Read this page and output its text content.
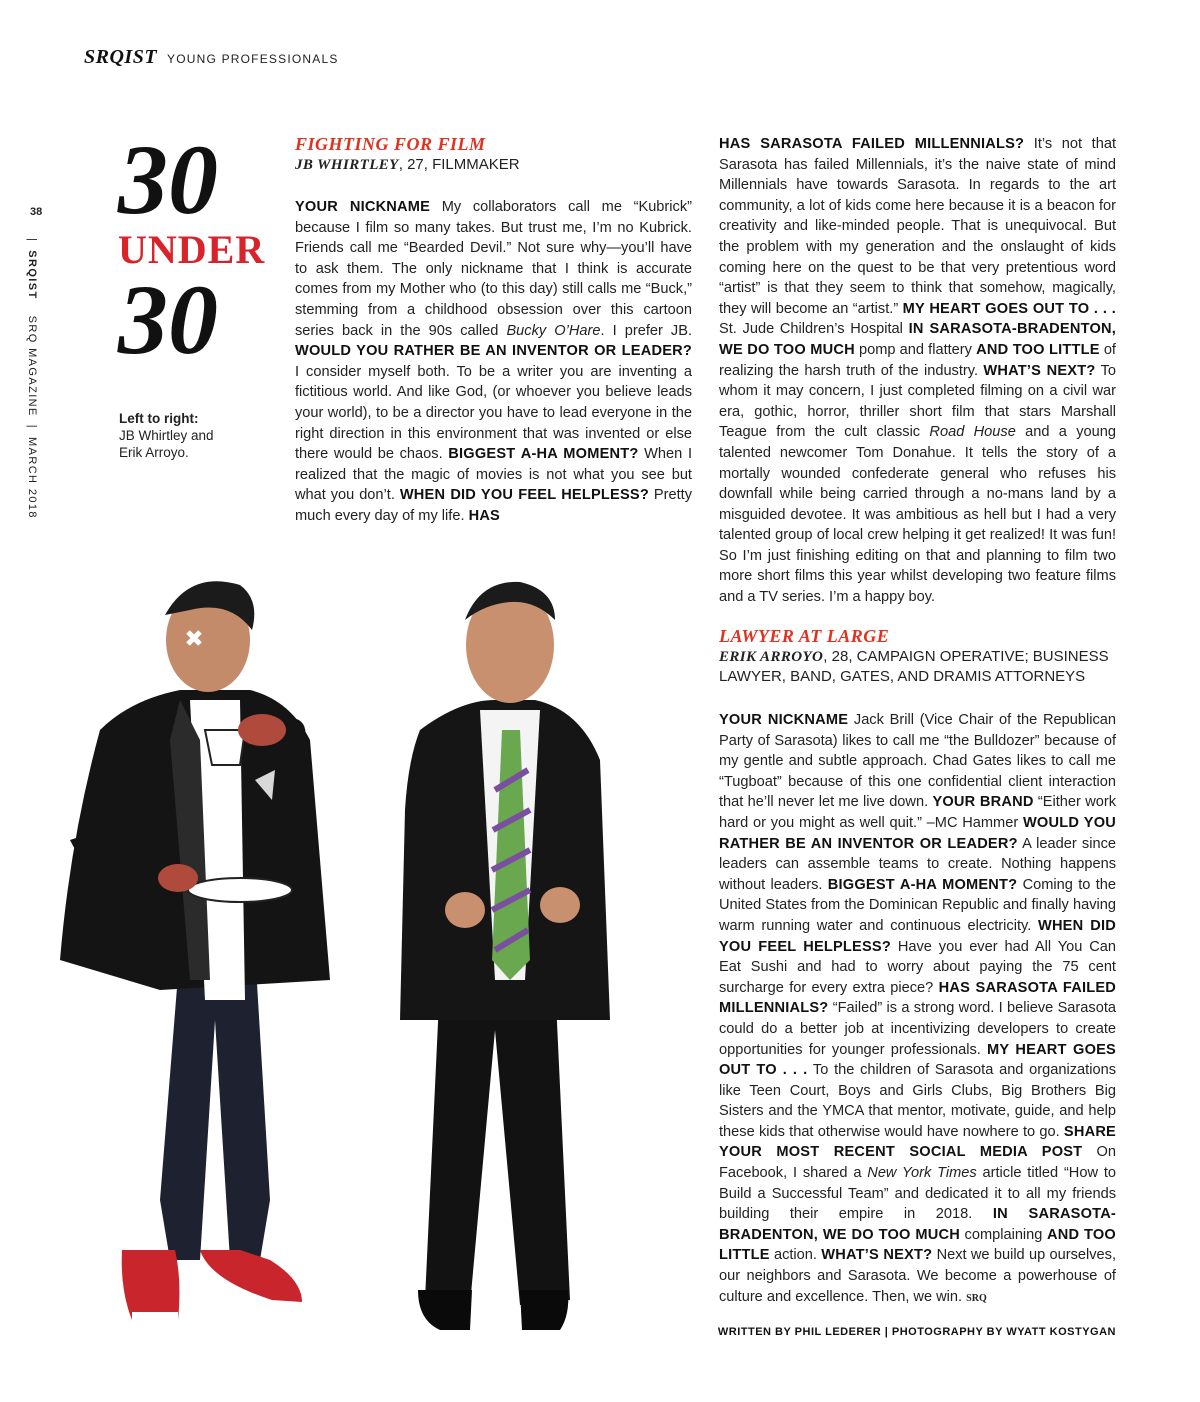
SRQIST YOUNG PROFESSIONALS
38
|SRQISTSRQ MAGAZINE|MARCH 2018
30
UNDER
30
Left to right:
JB Whirtley and
Erik Arroyo.
FIGHTING FOR FILM
JB WHIRTLEY, 27, FILMMAKER

YOUR NICKNAME My collaborators call me “Kubrick” because I film so many takes. But trust me, I’m no Kubrick. Friends call me “Bearded Devil.” Not sure why—you’ll have to ask them. The only nickname that I think is accurate comes from my Mother who (to this day) still calls me “Buck,” stemming from a childhood obsession over this cartoon series back in the 90s called Bucky O’Hare. I prefer JB. WOULD YOU RATHER BE AN INVENTOR OR LEADER? I consider myself both. To be a writer you are inventing a fictitious world. And like God, (or whoever you believe leads your world), to be a director you have to lead everyone in the right direction in this environment that was invented or else there would be chaos. BIGGEST A-HA MOMENT? When I realized that the magic of movies is not what you see but what you don’t. WHEN DID YOU FEEL HELPLESS? Pretty much every day of my life. HAS

HAS SARASOTA FAILED MILLENNIALS? It’s not that Sarasota has failed Millennials, it’s the naive state of mind Millennials have towards Sarasota. In regards to the art community, a lot of kids come here because it is a beacon for creativity and like-minded people. That is unequivocal. But the problem with my generation and the onslaught of kids coming here on the quest to be that very pretentious word “artist” is that they seem to think that somehow, magically, they will become an “artist.” MY HEART GOES OUT TO . . . St. Jude Children’s Hospital IN SARASOTA-BRADENTON, WE DO TOO MUCH pomp and flattery AND TOO LITTLE of realizing the harsh truth of the industry. WHAT’S NEXT? To whom it may concern, I just completed filming on a civil war era, gothic, horror, thriller short film that stars Marshall Teague from the cult classic Road House and a young talented newcomer Tom Donahue. It tells the story of a mortally wounded confederate general who refuses his downfall while being carried through a no-mans land by a misguided devotee. It was ambitious as hell but I had a very talented group of local crew helping it get realized! It was fun! So I’m just finishing editing on that and planning to film two more short films this year whilst developing two feature films and a TV series. I’m a happy boy.

LAWYER AT LARGE
ERIK ARROYO, 28, CAMPAIGN OPERATIVE; BUSINESS LAWYER, BAND, GATES, AND DRAMIS ATTORNEYS

YOUR NICKNAME Jack Brill (Vice Chair of the Republican Party of Sarasota) likes to call me “the Bulldozer” because of my gentle and subtle approach. Chad Gates likes to call me “Tugboat” because of this one confidential client interaction that he’ll never let me live down. YOUR BRAND “Either work hard or you might as well quit.” –MC Hammer WOULD YOU RATHER BE AN INVENTOR OR LEADER? A leader since leaders can assemble teams to create. Nothing happens without leaders. BIGGEST A-HA MOMENT? Coming to the United States from the Dominican Republic and finally having warm running water and continuous electricity. WHEN DID YOU FEEL HELPLESS? Have you ever had All You Can Eat Sushi and had to worry about paying the 75 cent surcharge for every extra piece? HAS SARASOTA FAILED MILLENNIALS? “Failed” is a strong word. I believe Sarasota could do a better job at incentivizing developers to create opportunities for younger professionals. MY HEART GOES OUT TO . . . To the children of Sarasota and organizations like Teen Court, Boys and Girls Clubs, Big Brothers Big Sisters and the YMCA that mentor, motivate, guide, and help these kids that otherwise would have nowhere to go. SHARE YOUR MOST RECENT SOCIAL MEDIA POST On Facebook, I shared a New York Times article titled “How to Build a Successful Team” and dedicated it to all my friends building their empire in 2018. IN SARASOTA-BRADENTON, WE DO TOO MUCH complaining AND TOO LITTLE action. WHAT’S NEXT? Next we build up ourselves, our neighbors and Sarasota. We become a powerhouse of culture and excellence. Then, we win. SRQ

WRITTEN BY PHIL LEDERER | PHOTOGRAPHY BY WYATT KOSTYGAN
